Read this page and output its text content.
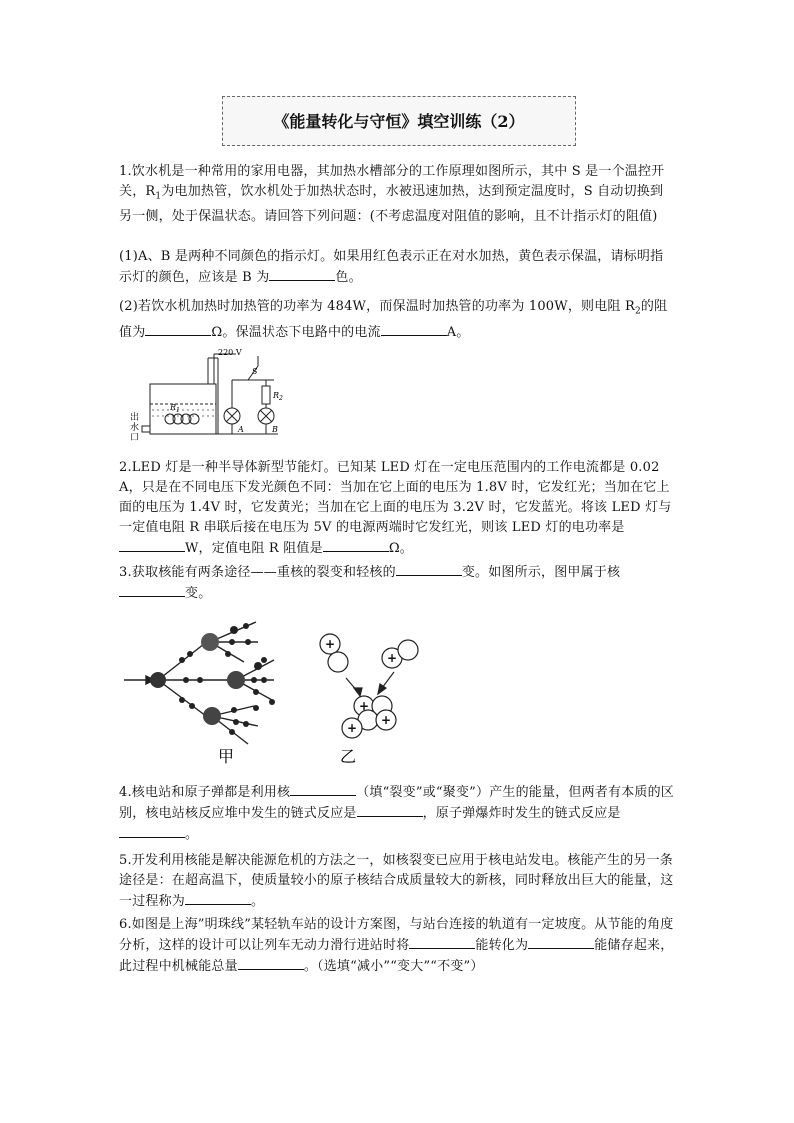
《能量转化与守恒》填空训练（2）
1.饮水机是一种常用的家用电器，其加热水槽部分的工作原理如图所示，其中 S 是一个温控开关，$R_1$为电加热管，饮水机处于加热状态时，水被迅速加热，达到预定温度时，S 自动切换到另一侧，处于保温状态。请回答下列问题：(不考虑温度对阻值的影响，且不计指示灯的阻值)
(1)A、B 是两种不同颜色的指示灯。如果用红色表示正在对水加热，黄色表示保温，请标明指示灯的颜色，应该是 B 为	色。
(2)若饮水机加热时加热管的功率为 484W，而保温时加热管的功率为 100W，则电阻 $R_2$的阻值为	Ω。保温状态下电路中的电流	A。
220 V
S
$R_2$
$R_1$
A	B
出
水
口
2.LED 灯是一种半导体新型节能灯。已知某 LED 灯在一定电压范围内的工作电流都是 0.02A，只是在不同电压下发光颜色不同：当加在它上面的电压为 1.8V 时，它发红光；当加在它上面的电压为 1.4V 时，它发黄光；当加在它上面的电压为 3.2V 时，它发蓝光。将该 LED 灯与一定值电阻 R 串联后接在电压为 5V 的电源两端时它发红光，则该 LED 灯的电功率是W，定值电阻 R 阻值是	Ω。
3.获取核能有两条途径——重核的裂变和轻核的	变。如图所示，图甲属于核变。
甲
+
+
+
+
+
乙
4.核电站和原子弹都是利用核	（填“裂变”或“聚变”）产生的能量，但两者有本质的区别，核电站核反应堆中发生的链式反应是	，原子弹爆炸时发生的链式反应是。
5.开发利用核能是解决能源危机的方法之一，如核裂变已应用于核电站发电。核能产生的另一条途径是：在超高温下，使质量较小的原子核结合成质量较大的新核，同时释放出巨大的能量，这一过程称为	。
6.如图是上海”明珠线”某轻轨车站的设计方案图，与站台连接的轨道有一定坡度。从节能的角度分析，这样的设计可以让列车无动力滑行进站时将	能转化为	能储存起来，此过程中机械能总量	。（选填“减小”“变大”“不变”）
